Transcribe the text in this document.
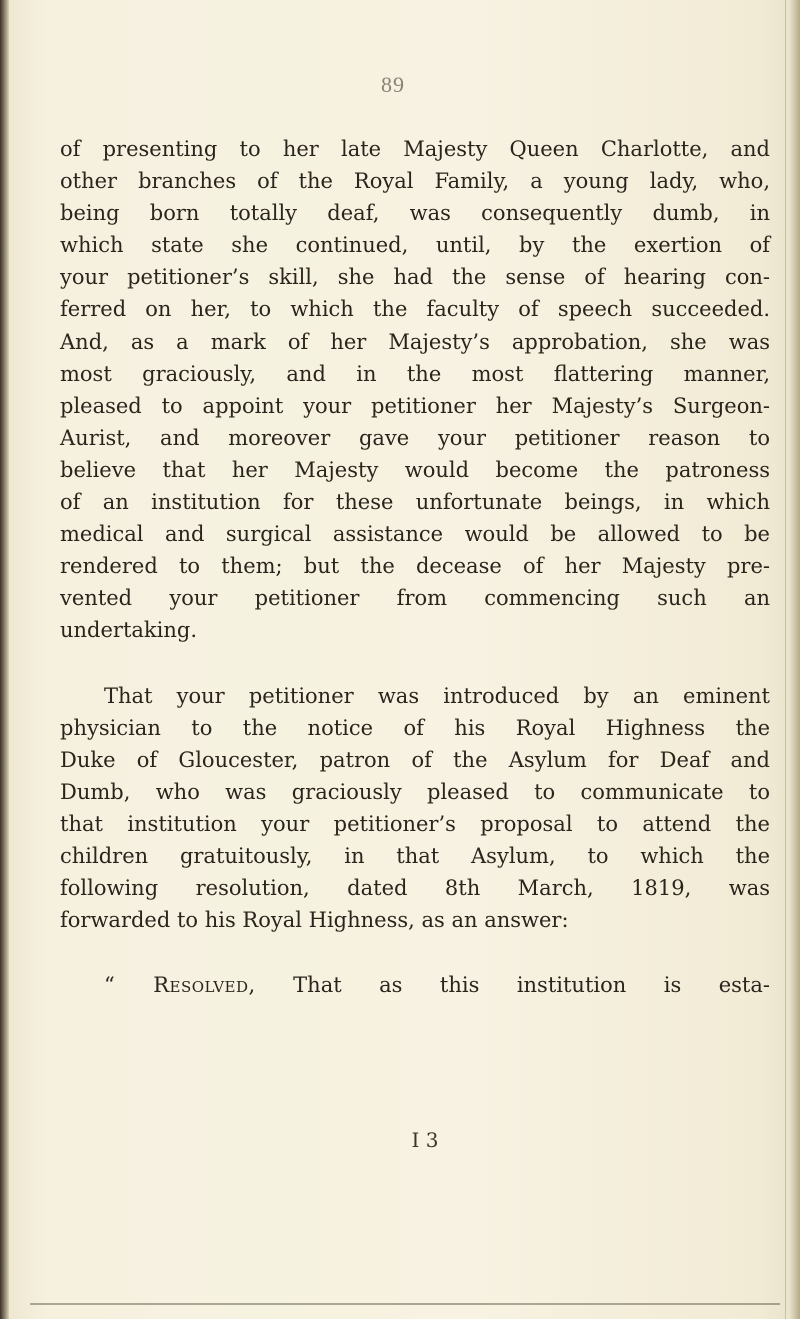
89
of presenting to her late Majesty Queen Charlotte, and
other branches of the Royal Family, a young lady, who,
being born totally deaf, was consequently dumb, in
which state she continued, until, by the exertion of
your petitioner’s skill, she had the sense of hearing con-
ferred on her, to which the faculty of speech succeeded.
And, as a mark of her Majesty’s approbation, she was
most graciously, and in the most flattering manner,
pleased to appoint your petitioner her Majesty’s Surgeon-
Aurist, and moreover gave your petitioner reason to
believe that her Majesty would become the patroness
of an institution for these unfortunate beings, in which
medical and surgical assistance would be allowed to be
rendered to them; but the decease of her Majesty pre-
vented your petitioner from commencing such an
undertaking.
That your petitioner was introduced by an eminent
physician to the notice of his Royal Highness the
Duke of Gloucester, patron of the Asylum for Deaf and
Dumb, who was graciously pleased to communicate to
that institution your petitioner’s proposal to attend the
children gratuitously, in that Asylum, to which the
following resolution, dated 8th March, 1819, was
forwarded to his Royal Highness, as an answer:
“ Resolved, That as this institution is esta-
I 3
